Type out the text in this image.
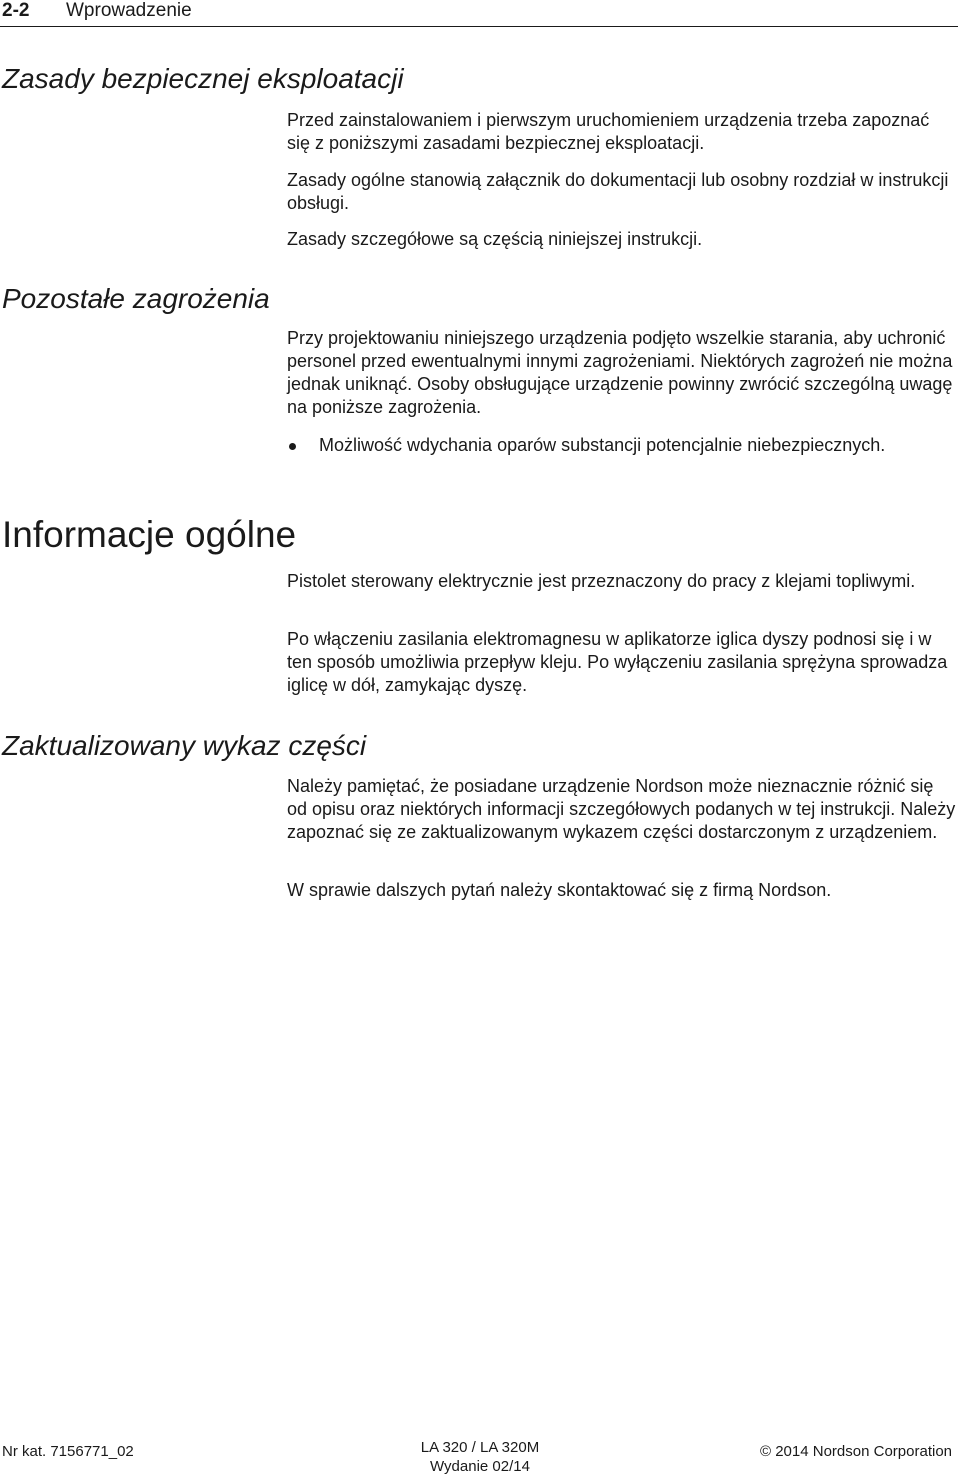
2-2 Wprowadzenie
Zasady bezpiecznej eksploatacji

Przed zainstalowaniem i pierwszym uruchomieniem urządzenia trzeba zapoznać się z poniższymi zasadami bezpiecznej eksploatacji.

Zasady ogólne stanowią załącznik do dokumentacji lub osobny rozdział w instrukcji obsługi.

Zasady szczegółowe są częścią niniejszej instrukcji.

Pozostałe zagrożenia

Przy projektowaniu niniejszego urządzenia podjęto wszelkie starania, aby uchronić personel przed ewentualnymi innymi zagrożeniami. Niektórych zagrożeń nie można jednak uniknąć. Osoby obsługujące urządzenie powinny zwrócić szczególną uwagę na poniższe zagrożenia.

Możliwość wdychania oparów substancji potencjalnie niebezpiecznych.
Informacje ogólne

Pistolet sterowany elektrycznie jest przeznaczony do pracy z klejami topliwymi.

Po włączeniu zasilania elektromagnesu w aplikatorze iglica dyszy podnosi się i w ten sposób umożliwia przepływ kleju. Po wyłączeniu zasilania sprężyna sprowadza iglicę w dół, zamykając dyszę.

Zaktualizowany wykaz części

Należy pamiętać, że posiadane urządzenie Nordson może nieznacznie różnić się od opisu oraz niektórych informacji szczegółowych podanych w tej instrukcji. Należy zapoznać się ze zaktualizowanym wykazem części dostarczonym z urządzeniem.

W sprawie dalszych pytań należy skontaktować się z firmą Nordson.

Nr kat. 7156771_02	LA 320 / LA 320M
Wydanie 02/14
© 2014 Nordson Corporation
